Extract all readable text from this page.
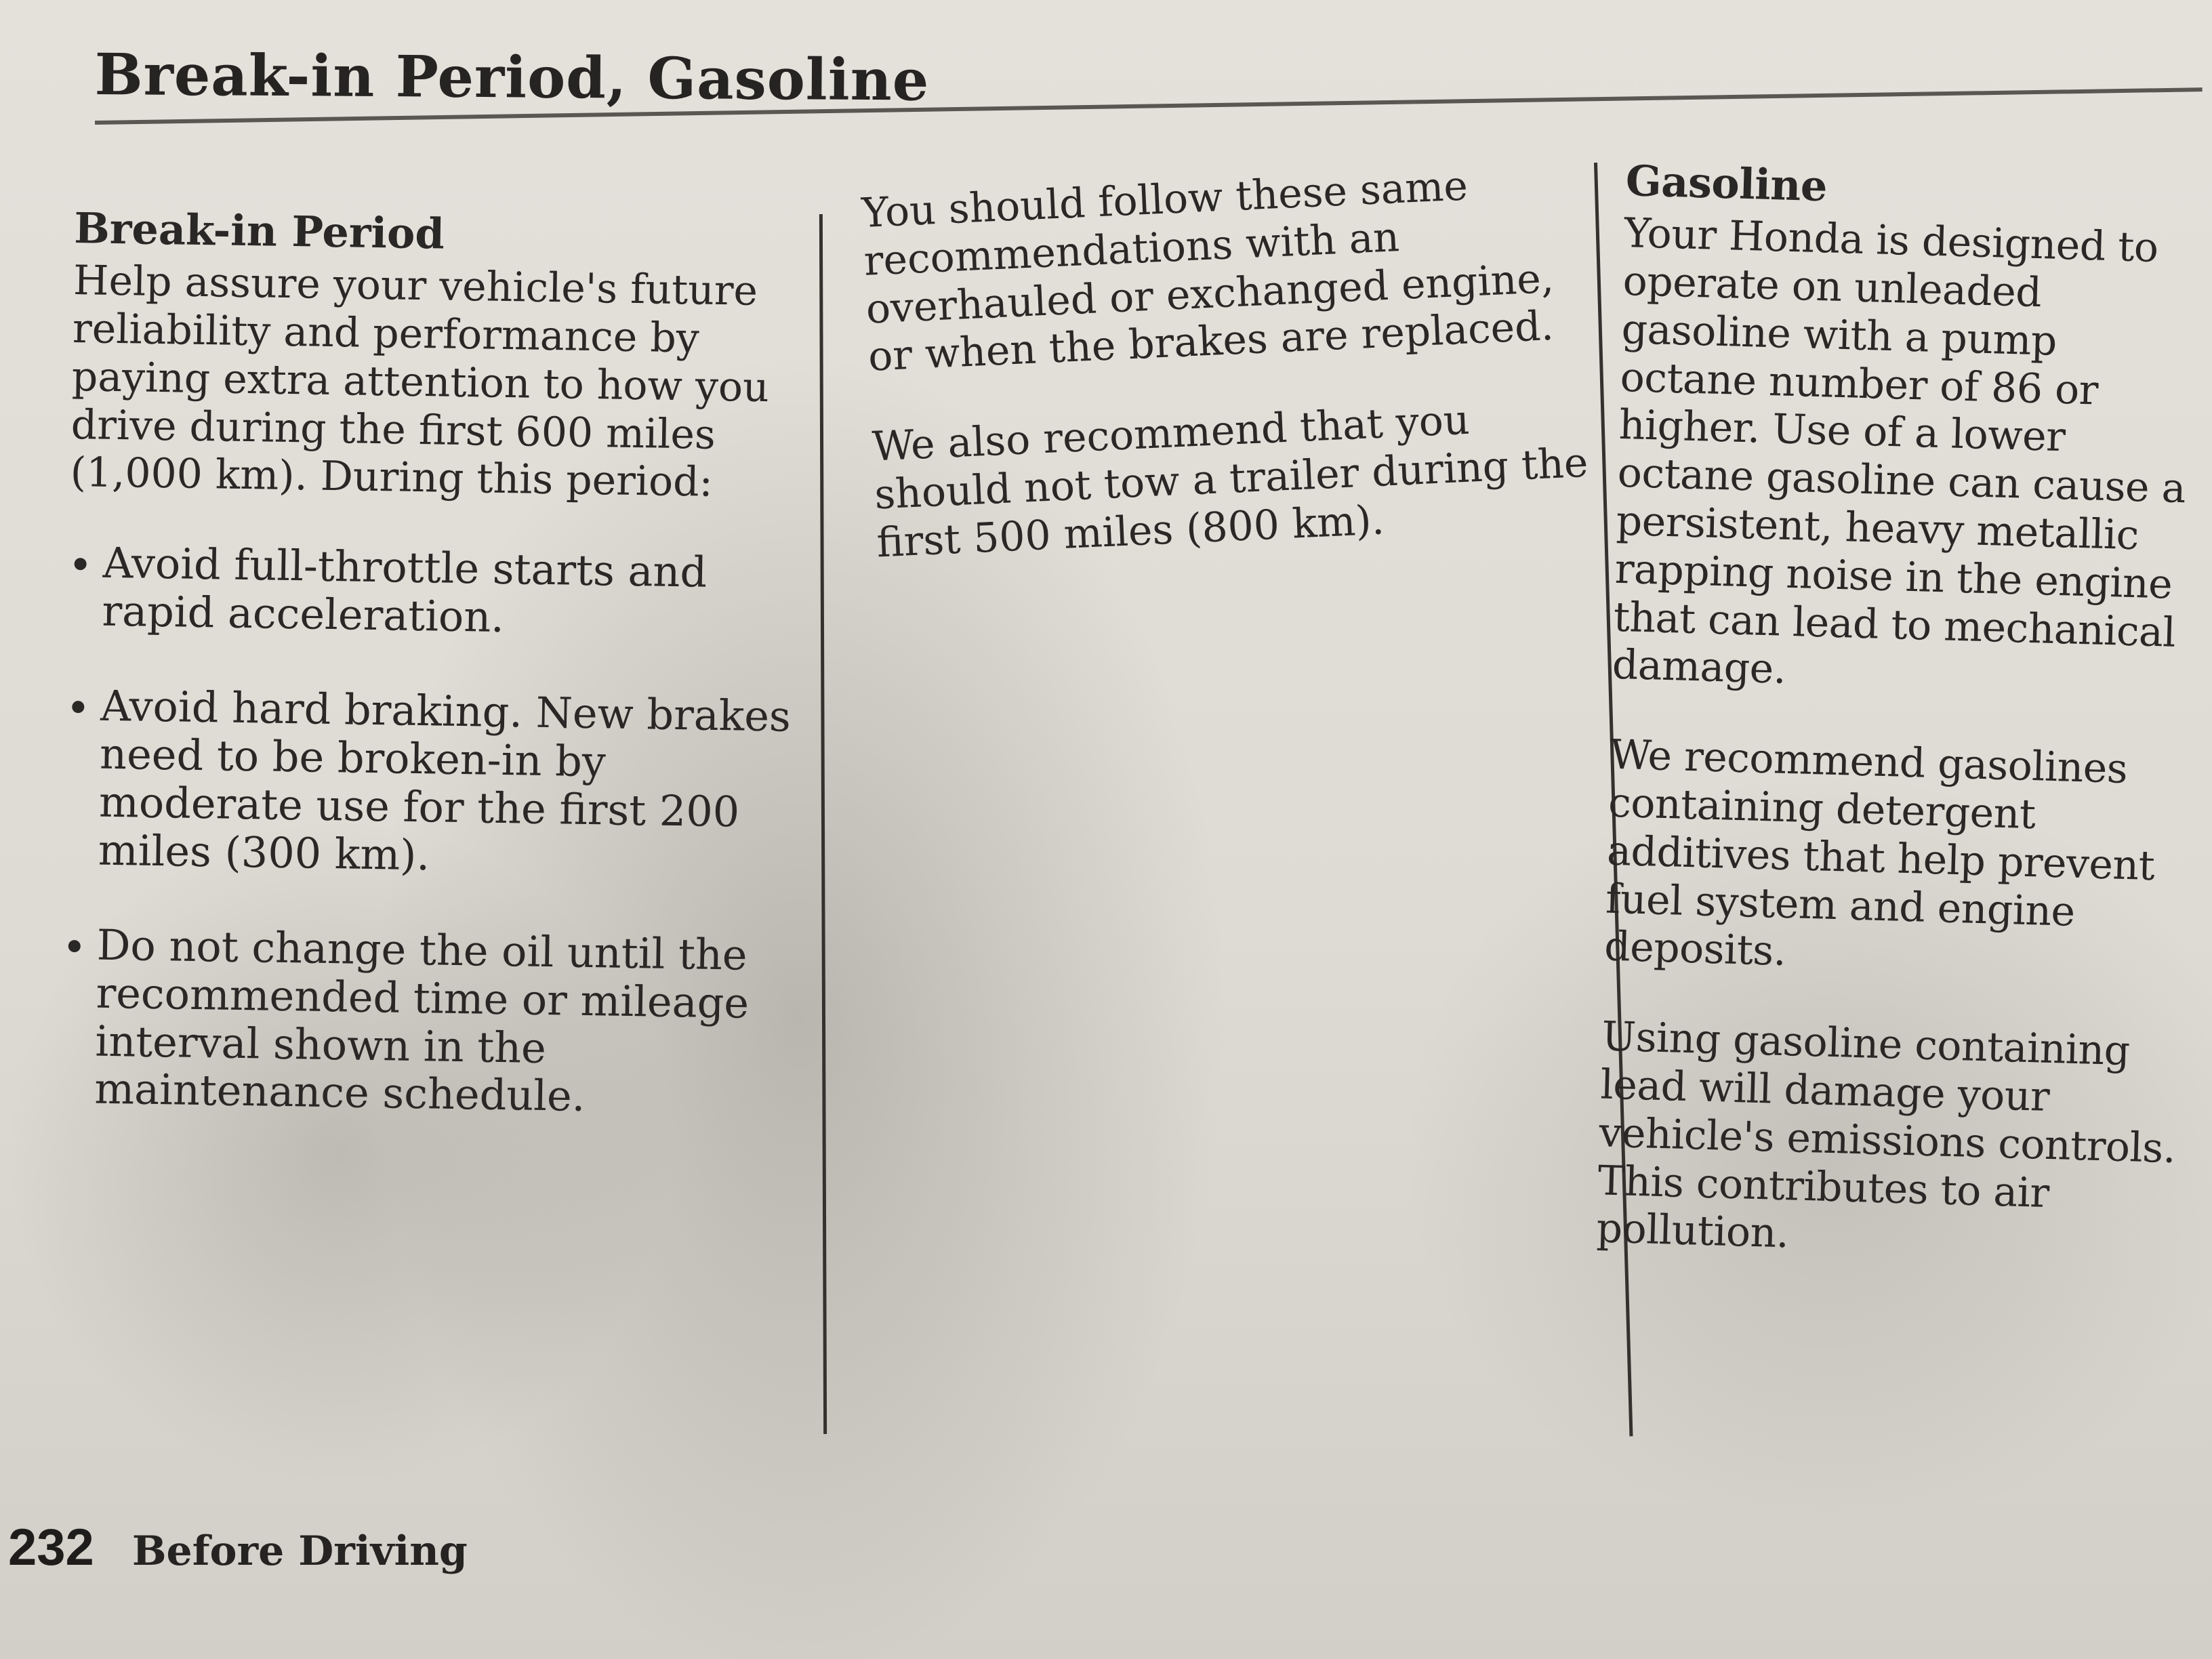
Break-in Period, Gasoline
Break-in Period

Help assure your vehicle's future reliability and performance by paying extra attention to how you drive during the first 600 miles (1,000 km). During this period:

Avoid full-throttle starts and rapid acceleration.
Avoid hard braking. New brakes need to be broken-in by moderate use for the first 200 miles (300 km).
Do not change the oil until the recommended time or mileage interval shown in the maintenance schedule.

You should follow these same recommendations with an overhauled or exchanged engine, or when the brakes are replaced.

We also recommend that you should not tow a trailer during the first 500 miles (800 km).

Gasoline

Your Honda is designed to operate on unleaded gasoline with a pump octane number of 86 or higher. Use of a lower octane gasoline can cause a persistent, heavy metallic rapping noise in the engine that can lead to mechanical damage.

We recommend gasolines containing detergent additives that help prevent fuel system and engine deposits.

Using gasoline containing lead will damage your vehicle's emissions controls. This contributes to air pollution.

232 Before Driving
